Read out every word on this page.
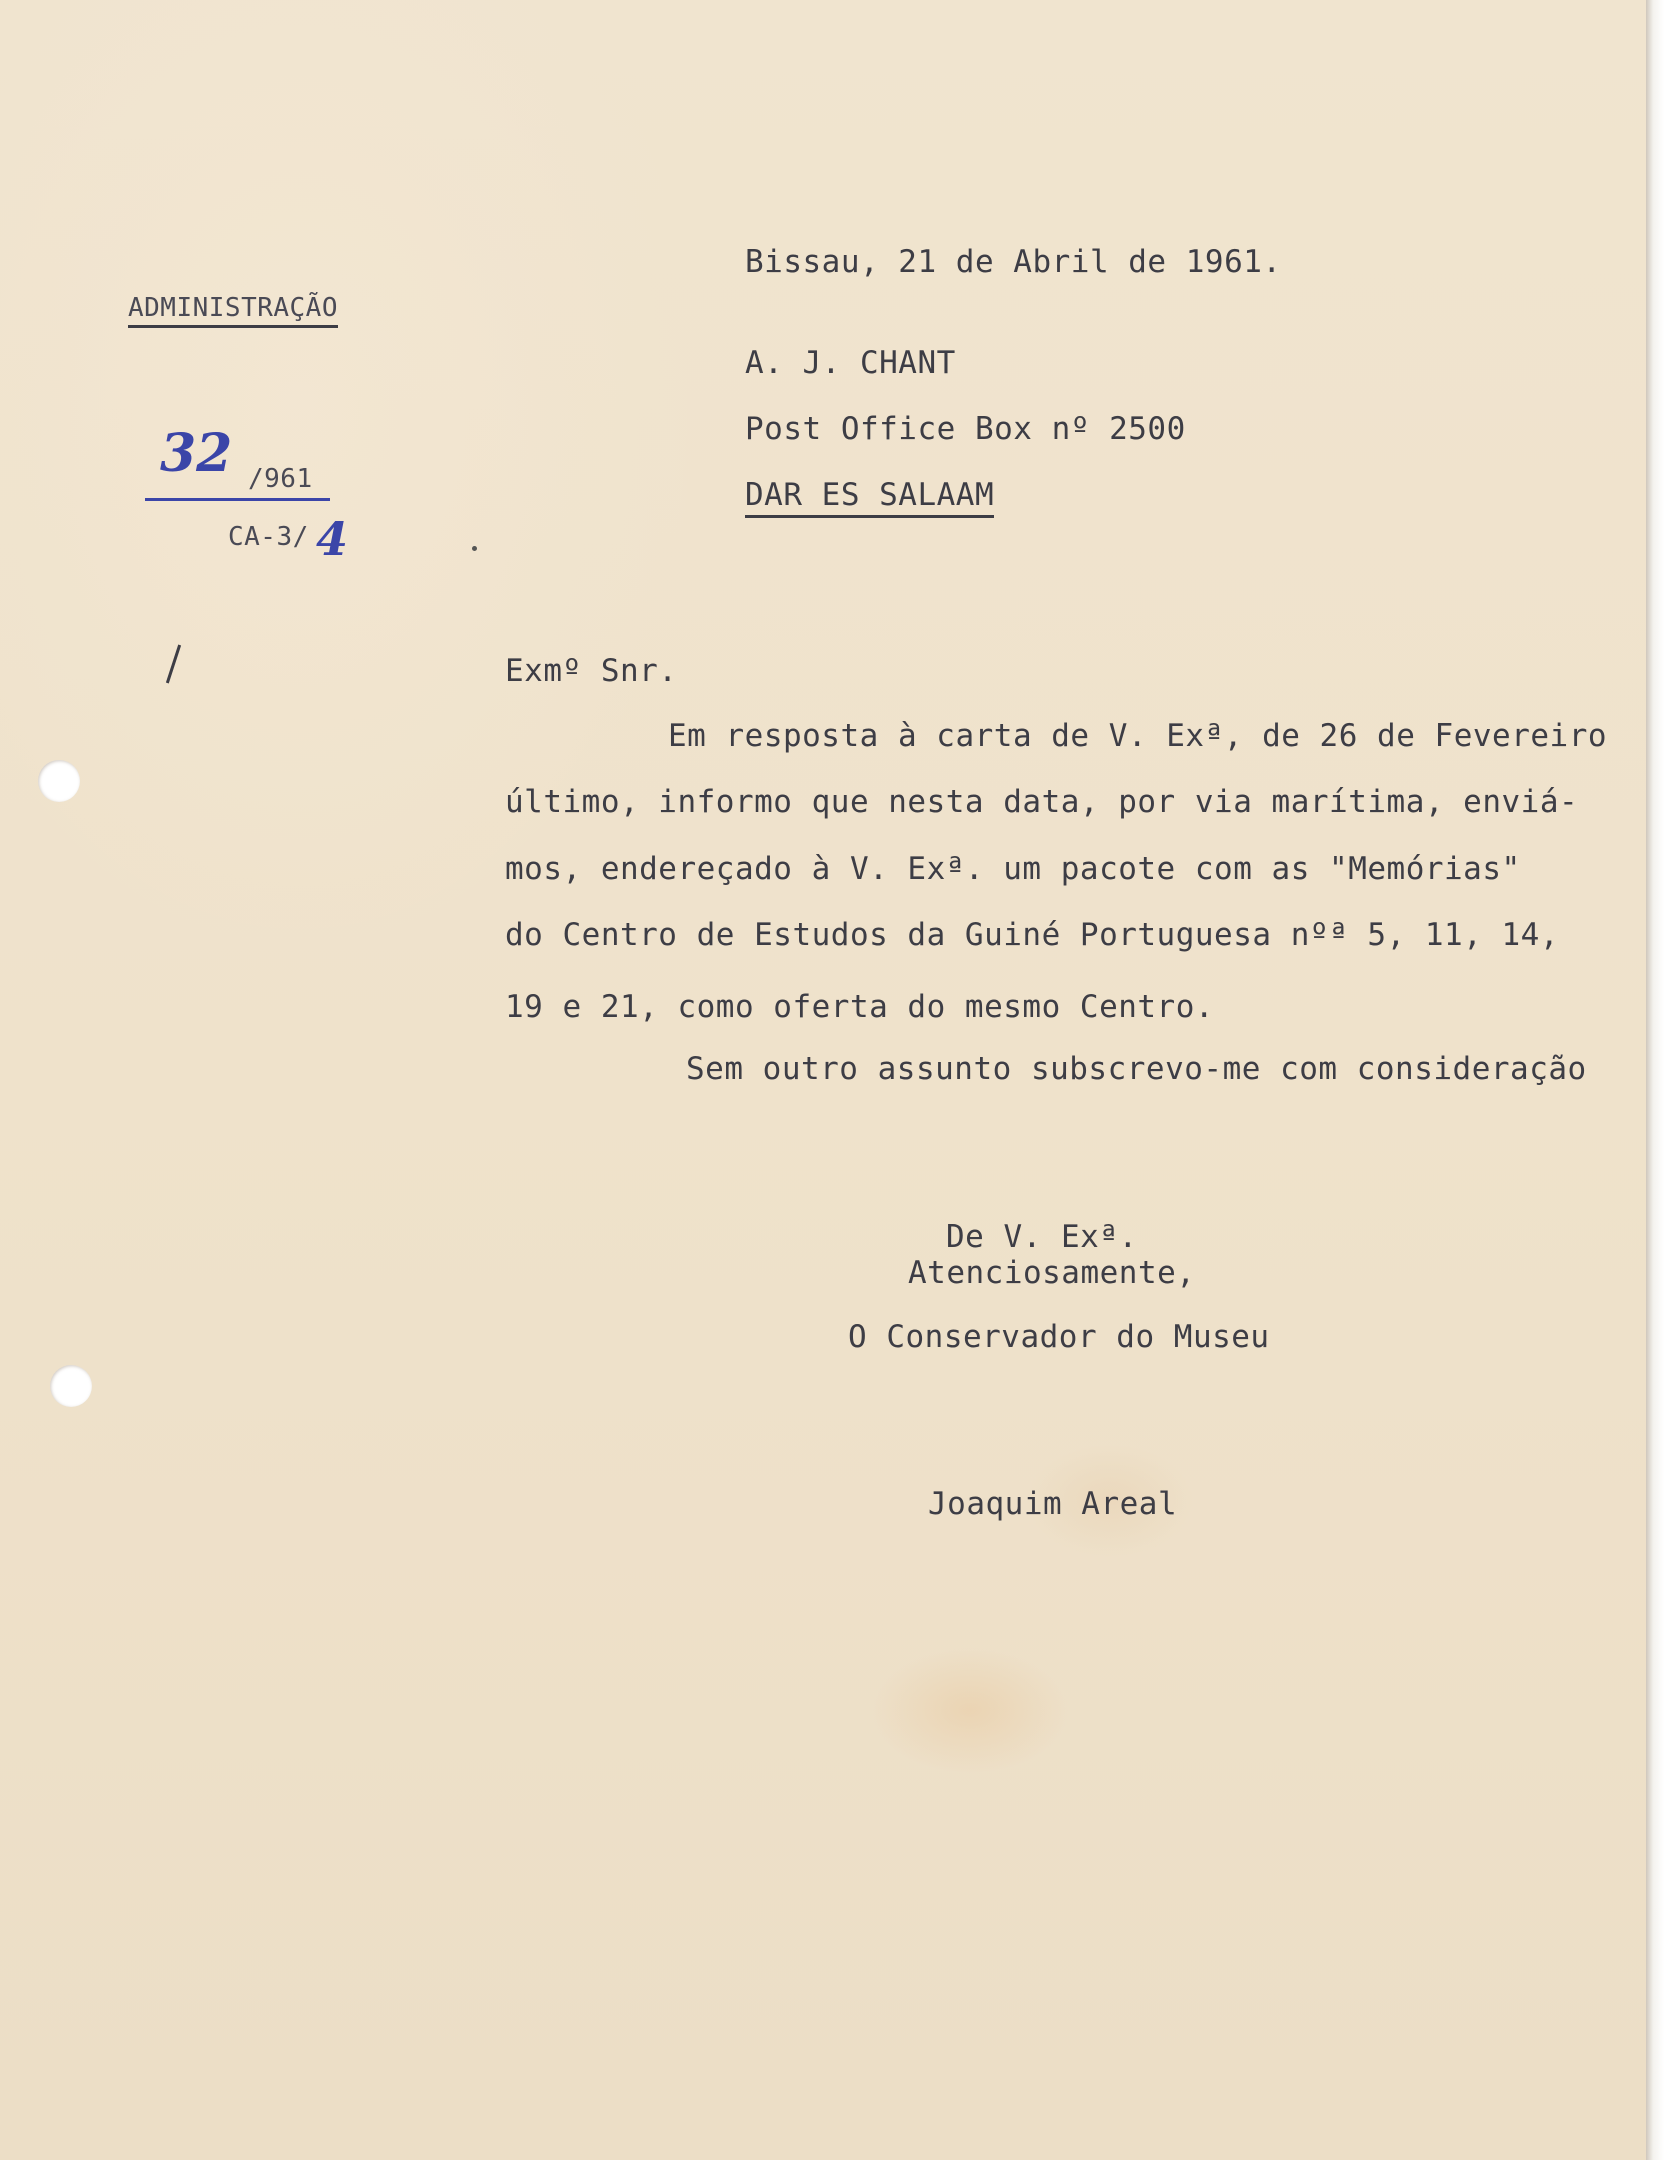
ADMINISTRAÇÃO
Bissau, 21 de Abril de 1961.
32 /961
CA-3/ 4
A. J. CHANT
Post Office Box nº 2500
DAR ES SALAAM
Exmº Snr.
Em resposta à carta de V. Exª, de 26 de Fevereiro
último, informo que nesta data, por via marítima, enviá-
mos, endereçado à V. Exª. um pacote com as "Memórias"
do Centro de Estudos da Guiné Portuguesa nºª 5, 11, 14,
19 e 21, como oferta do mesmo Centro.
Sem outro assunto subscrevo-me com consideração
De V. Exª.
Atenciosamente,
O Conservador do Museu
Joaquim Areal
